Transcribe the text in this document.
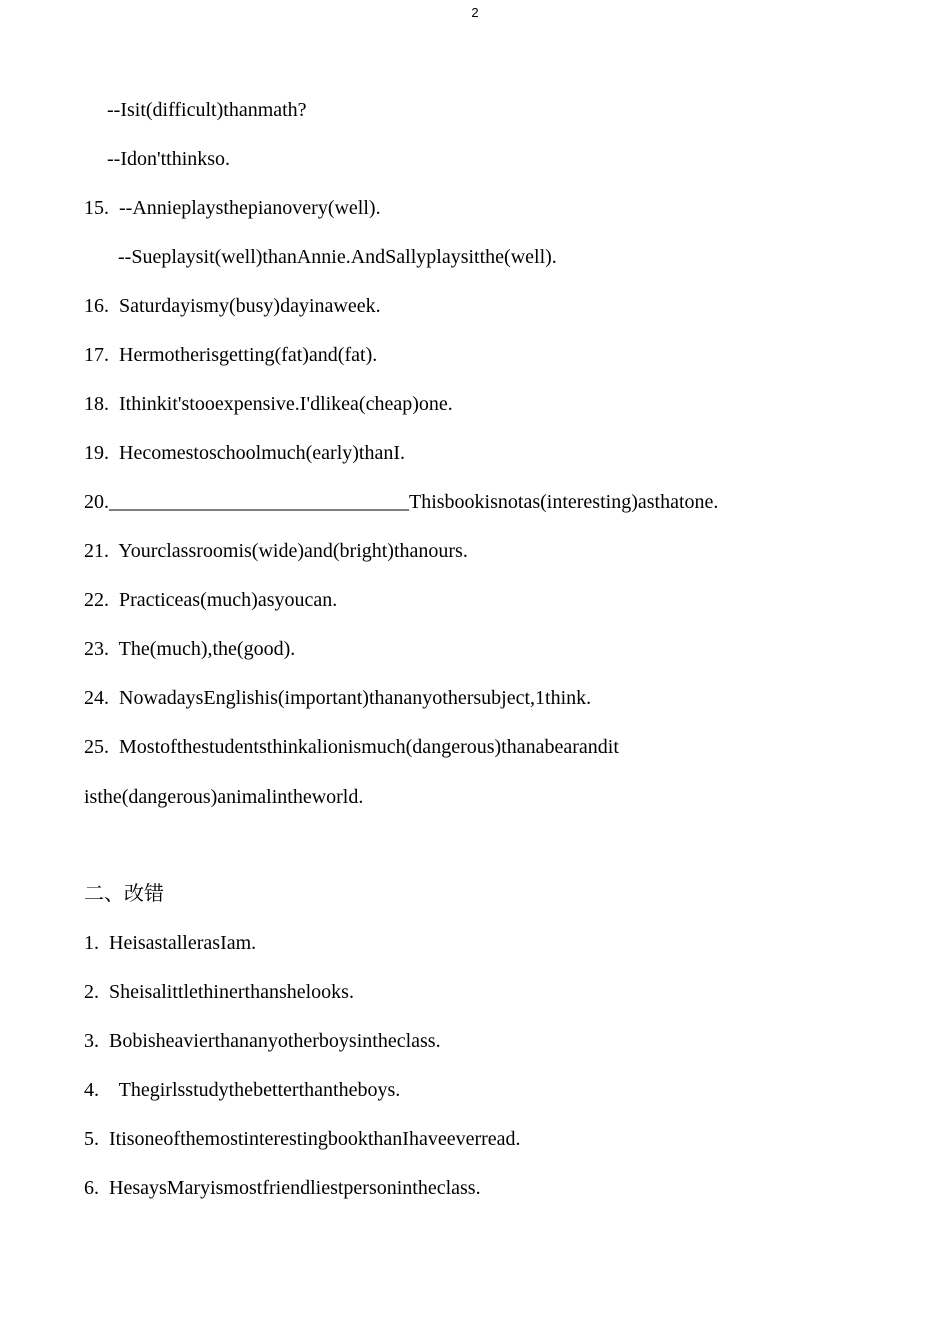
2
--Isit(difficult)thanmath?
--Idon'tthinkso.
15.  --Annieplaysthepianovery(well).
--Sueplaysit(well)thanAnnie.AndSallyplaysitthe(well).
16.  Saturdayismy(busy)dayinaweek.
17.  Hermotherisgetting(fat)and(fat).
18.  Ithinkit'stooexpensive.I'dlikea(cheap)one.
19.  Hecomestoschoolmuch(early)thanI.
20.______________________________Thisbookisnotas(interesting)asthatone.
21.  Yourclassroomis(wide)and(bright)thanours.
22.  Practiceas(much)asyoucan.
23.  The(much),the(good).
24.  NowadaysEnglishis(important)thananyothersubject,1think.
25.  Mostofthestudentsthinkalionismuch(dangerous)thanabearandit
isthe(dangerous)animalintheworld.
二、改错
1.  HeisastallerasIam.
2.  Sheisalittlethinerthanshelooks.
3.  Bobisheavierthananyotherboysintheclass.
4.    Thegirlsstudythebetterthantheboys.
5.  ItisoneofthemostinterestingbookthanIhaveeverread.
6.  HesaysMaryismostfriendliestpersonintheclass.
